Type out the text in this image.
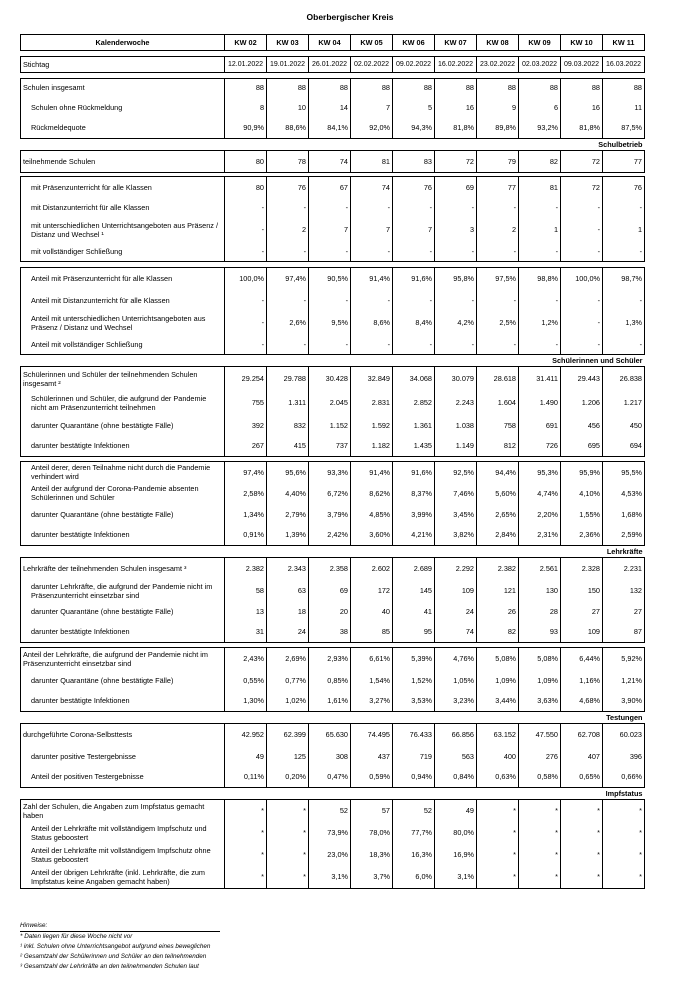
Oberbergischer Kreis
Kalenderwoche	KW 02	KW 03	KW 04	KW 05	KW 06	KW 07	KW 08	KW 09	KW 10	KW 11

Stichtag	12.01.2022	19.01.2022	26.01.2022	02.02.2022	09.02.2022	16.02.2022	23.02.2022	02.03.2022	09.03.2022	16.03.2022

Schulen insgesamt	88	88	88	88	88	88	88	88	88	88
Schulen ohne Rückmeldung	8	10	14	7	5	16	9	6	16	11
Rückmeldequote	90,9%	88,6%	84,1%	92,0%	94,3%	81,8%	89,8%	93,2%	81,8%	87,5%
Schulbetrieb										
teilnehmende Schulen	80	78	74	81	83	72	79	82	72	77

mit Präsenzunterricht für alle Klassen	80	76	67	74	76	69	77	81	72	76
mit Distanzunterricht für alle Klassen	-	-	-	-	-	-	-	-	-	-
mit unterschiedlichen Unterrichtsangeboten aus Präsenz / Distanz und Wechsel ¹	-	2	7	7	7	3	2	1	-	1
mit vollständiger Schließung	-	-	-	-	-	-	-	-	-	-

Anteil mit Präsenzunterricht für alle Klassen	100,0%	97,4%	90,5%	91,4%	91,6%	95,8%	97,5%	98,8%	100,0%	98,7%
Anteil mit Distanzunterricht für alle Klassen	-	-	-	-	-	-	-	-	-	-
Anteil mit unterschiedlichen Unterrichtsangeboten aus Präsenz / Distanz und Wechsel	-	2,6%	9,5%	8,6%	8,4%	4,2%	2,5%	1,2%	-	1,3%
Anteil mit vollständiger Schließung	-	-	-	-	-	-	-	-	-	-
Schülerinnen und Schüler										
Schülerinnen und Schüler der teilnehmenden Schulen insgesamt ²	29.254	29.788	30.428	32.849	34.068	30.079	28.618	31.411	29.443	26.838
Schülerinnen und Schüler, die aufgrund der Pandemie nicht am Präsenzunterricht teilnehmen	755	1.311	2.045	2.831	2.852	2.243	1.604	1.490	1.206	1.217
darunter Quarantäne (ohne bestätigte Fälle)	392	832	1.152	1.592	1.361	1.038	758	691	456	450
darunter bestätigte Infektionen	267	415	737	1.182	1.435	1.149	812	726	695	694

Anteil derer, deren Teilnahme nicht durch die Pandemie verhindert wird	97,4%	95,6%	93,3%	91,4%	91,6%	92,5%	94,4%	95,3%	95,9%	95,5%
Anteil der aufgrund der Corona-Pandemie absenten Schülerinnen und Schüler	2,58%	4,40%	6,72%	8,62%	8,37%	7,46%	5,60%	4,74%	4,10%	4,53%
darunter Quarantäne (ohne bestätigte Fälle)	1,34%	2,79%	3,79%	4,85%	3,99%	3,45%	2,65%	2,20%	1,55%	1,68%
darunter bestätigte Infektionen	0,91%	1,39%	2,42%	3,60%	4,21%	3,82%	2,84%	2,31%	2,36%	2,59%
Lehrkräfte										
Lehrkräfte der teilnehmenden Schulen insgesamt ³	2.382	2.343	2.358	2.602	2.689	2.292	2.382	2.561	2.328	2.231
darunter Lehrkräfte, die aufgrund der Pandemie nicht im Präsenzunterricht einsetzbar sind	58	63	69	172	145	109	121	130	150	132
darunter Quarantäne (ohne bestätigte Fälle)	13	18	20	40	41	24	26	28	27	27
darunter bestätigte Infektionen	31	24	38	85	95	74	82	93	109	87

Anteil der Lehrkräfte, die aufgrund der Pandemie nicht im Präsenzunterricht einsetzbar sind	2,43%	2,69%	2,93%	6,61%	5,39%	4,76%	5,08%	5,08%	6,44%	5,92%
darunter Quarantäne (ohne bestätigte Fälle)	0,55%	0,77%	0,85%	1,54%	1,52%	1,05%	1,09%	1,09%	1,16%	1,21%
darunter bestätigte Infektionen	1,30%	1,02%	1,61%	3,27%	3,53%	3,23%	3,44%	3,63%	4,68%	3,90%
Testungen										
durchgeführte Corona-Selbsttests	42.952	62.399	65.630	74.495	76.433	66.856	63.152	47.550	62.708	60.023
darunter positive Testergebnisse	49	125	308	437	719	563	400	276	407	396
Anteil der positiven Testergebnisse	0,11%	0,20%	0,47%	0,59%	0,94%	0,84%	0,63%	0,58%	0,65%	0,66%
Impfstatus										
Zahl der Schulen, die Angaben zum Impfstatus gemacht haben	*	*	52	57	52	49	*	*	*	*
Anteil der Lehrkräfte mit vollständigem Impfschutz und Status geboostert	*	*	73,9%	78,0%	77,7%	80,0%	*	*	*	*
Anteil der Lehrkräfte mit vollständigem Impfschutz ohne Status geboostert	*	*	23,0%	18,3%	16,3%	16,9%	*	*	*	*
Anteil der übrigen Lehrkräfte (inkl. Lehrkräfte, die zum Impfstatus keine Angaben gemacht haben)	*	*	3,1%	3,7%	6,0%	3,1%	*	*	*	*
Hinweise:
* Daten liegen für diese Woche nicht vor
¹ inkl. Schulen ohne Unterrichtsangebot aufgrund eines beweglichen
² Gesamtzahl der Schülerinnen und Schüler an den teilnehmenden
³ Gesamtzahl der Lehrkräfte an den teilnehmenden Schulen laut
